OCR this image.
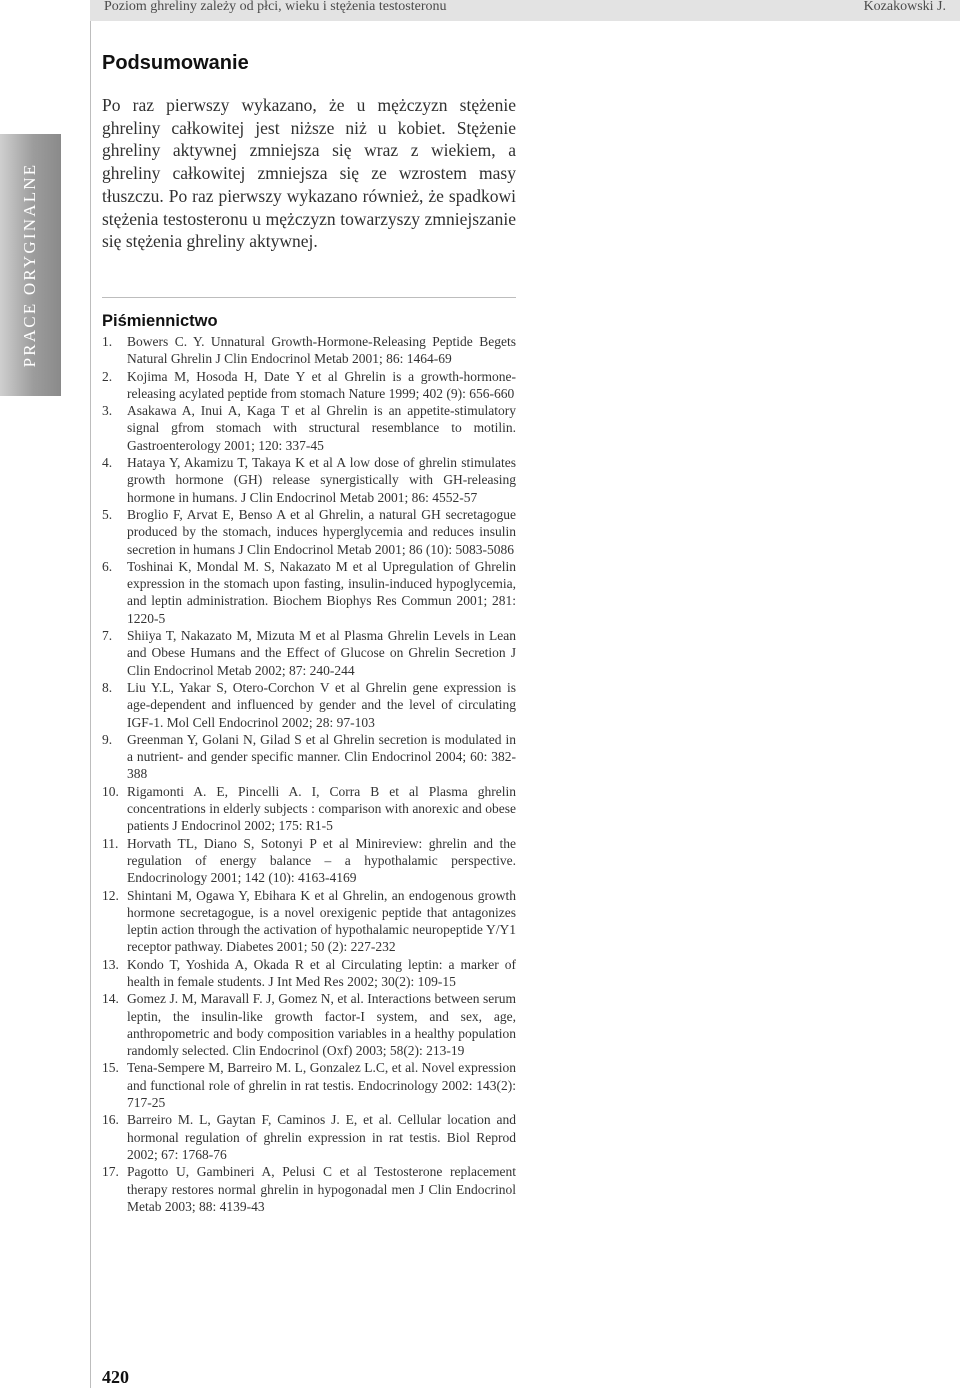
Poziom ghreliny zależy od płci, wieku i stężenia testosteronu	Kozakowski J.
PRACE ORYGINALNE
Podsumowanie

Po raz pierwszy wykazano, że u mężczyzn stężenie ghreliny całkowitej jest niższe niż u kobiet. Stężenie ghreliny aktywnej zmniejsza się wraz z wiekiem, a ghreliny całkowitej zmniejsza się ze wzrostem masy tłuszczu. Po raz pierwszy wykazano również, że spadkowi stężenia testosteronu u mężczyzn towarzyszy zmniejszanie się stężenia ghreliny aktywnej.

Piśmiennictwo
1. Bowers C. Y. Unnatural Growth-Hormone-Releasing Peptide Begets Natural Ghrelin J Clin Endocrinol Metab 2001; 86: 1464-69
2. Kojima M, Hosoda H, Date Y et al Ghrelin is a growth-hormone-releasing acylated peptide from stomach Nature 1999; 402 (9): 656-660
3. Asakawa A, Inui A, Kaga T et al Ghrelin is an appetite-stimulatory signal gfrom stomach with structural resemblance to motilin. Gastroenterology 2001; 120: 337-45
4. Hataya Y, Akamizu T, Takaya K et al A low dose of ghrelin stimulates growth hormone (GH) release synergistically with GH-releasing hormone in humans. J Clin Endocrinol Metab 2001; 86: 4552-57
5. Broglio F, Arvat E, Benso A et al Ghrelin, a natural GH secretagogue produced by the stomach, induces hyperglycemia and reduces insulin secretion in humans J Clin Endocrinol Metab 2001; 86 (10): 5083-5086
6. Toshinai K, Mondal M. S, Nakazato M et al Upregulation of Ghrelin expression in the stomach upon fasting, insulin-induced hypoglycemia, and leptin administration. Biochem Biophys Res Commun 2001; 281: 1220-5
7. Shiiya T, Nakazato M, Mizuta M et al Plasma Ghrelin Levels in Lean and Obese Humans and the Effect of Glucose on Ghrelin Secretion J Clin Endocrinol Metab 2002; 87: 240-244
8. Liu Y.L, Yakar S, Otero-Corchon V et al Ghrelin gene expression is age-dependent and influenced by gender and the level of circulating IGF-1. Mol Cell Endocrinol 2002; 28: 97-103
9. Greenman Y, Golani N, Gilad S et al Ghrelin secretion is modulated in a nutrient- and gender specific manner. Clin Endocrinol 2004; 60: 382-388
10. Rigamonti A. E, Pincelli A. I, Corra B et al Plasma ghrelin concentrations in elderly subjects : comparison with anorexic and obese patients J Endocrinol 2002; 175: R1-5
11. Horvath TL, Diano S, Sotonyi P et al Minireview: ghrelin and the regulation of energy balance – a hypothalamic perspective. Endocrinology 2001; 142 (10): 4163-4169
12. Shintani M, Ogawa Y, Ebihara K et al Ghrelin, an endogenous growth hormone secretagogue, is a novel orexigenic peptide that antagonizes leptin action through the activation of hypothalamic neuropeptide Y/Y1 receptor pathway. Diabetes 2001; 50 (2): 227-232
13. Kondo T, Yoshida A, Okada R et al Circulating leptin: a marker of health in female students. J Int Med Res 2002; 30(2): 109-15
14. Gomez J. M, Maravall F. J, Gomez N, et al. Interactions between serum leptin, the insulin-like growth factor-I system, and sex, age, anthropometric and body composition variables in a healthy population randomly selected. Clin Endocrinol (Oxf) 2003; 58(2): 213-19
15. Tena-Sempere M, Barreiro M. L, Gonzalez L.C, et al. Novel expression and functional role of ghrelin in rat testis. Endocrinology 2002: 143(2): 717-25
16. Barreiro M. L, Gaytan F, Caminos J. E, et al. Cellular location and hormonal regulation of ghrelin expression in rat testis. Biol Reprod 2002; 67: 1768-76
17. Pagotto U, Gambineri A, Pelusi C et al Testosterone replacement therapy restores normal ghrelin in hypogonadal men J Clin Endocrinol Metab 2003; 88: 4139-43
420
